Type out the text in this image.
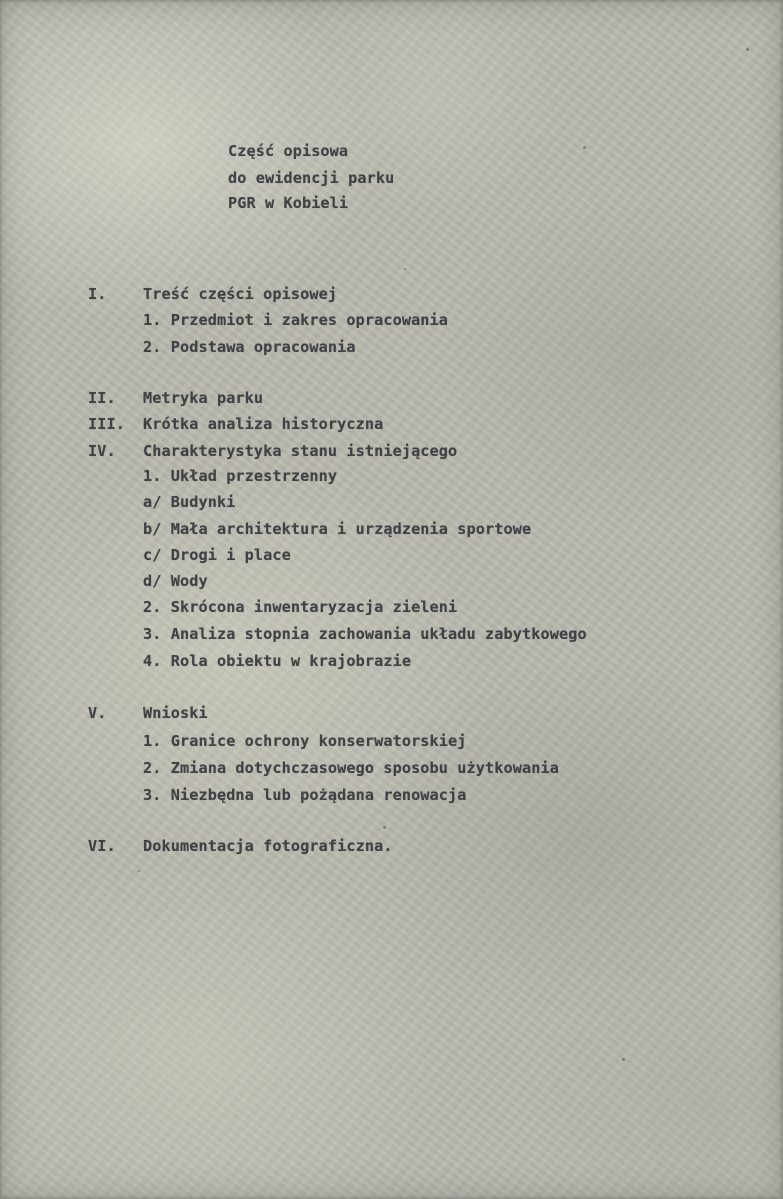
Część opisowa

do ewidencji parku

PGR w Kobieli

I. Treść części opisowej

1. Przedmiot i zakres opracowania

2. Podstawa opracowania

II. Metryka parku

III. Krótka analiza historyczna

IV. Charakterystyka stanu istniejącego

1. Układ przestrzenny

a/ Budynki

b/ Mała architektura i urządzenia sportowe

c/ Drogi i place

d/ Wody

2. Skrócona inwentaryzacja zieleni

3. Analiza stopnia zachowania układu zabytkowego

4. Rola obiektu w krajobrazie

V. Wnioski

1. Granice ochrony konserwatorskiej

2. Zmiana dotychczasowego sposobu użytkowania

3. Niezbędna lub pożądana renowacja

VI. Dokumentacja fotograficzna.
